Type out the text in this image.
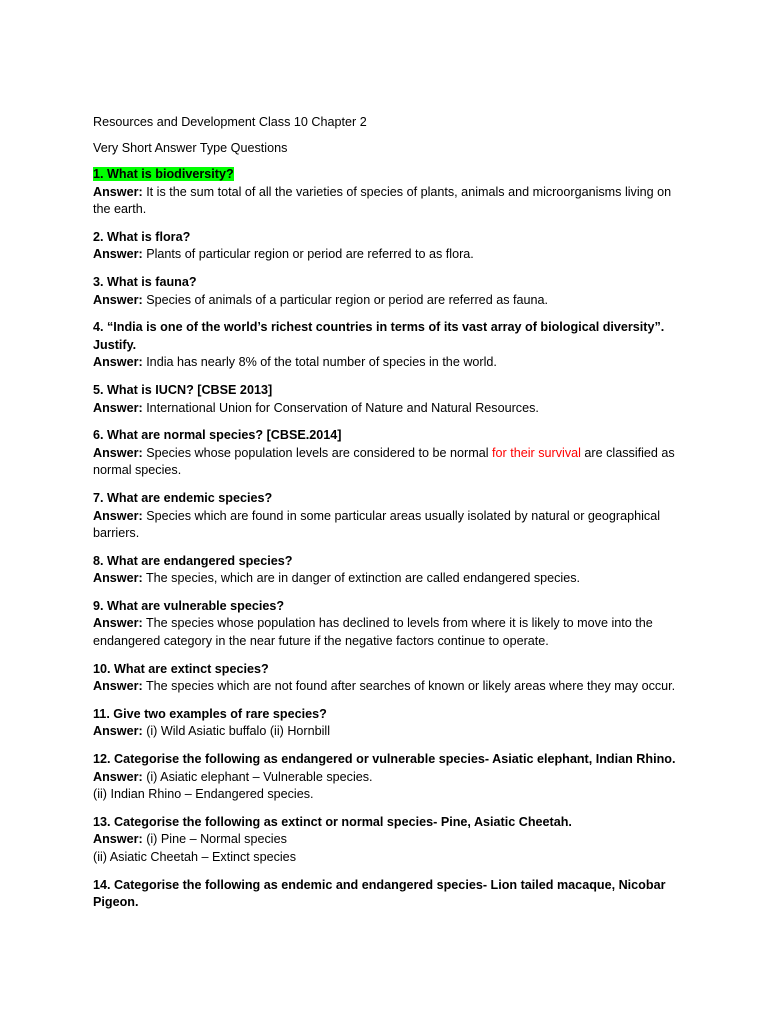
Resources and Development Class 10 Chapter 2
Very Short Answer Type Questions
1. What is biodiversity?
Answer: It is the sum total of all the varieties of species of plants, animals and microorganisms living on the earth.
2. What is flora?
Answer: Plants of particular region or period are referred to as flora.
3. What is fauna?
Answer: Species of animals of a particular region or period are referred as fauna.
4. “India is one of the world’s richest countries in terms of its vast array of biological diversity”. Justify.
Answer: India has nearly 8% of the total number of species in the world.
5. What is IUCN? [CBSE 2013]
Answer: International Union for Conservation of Nature and Natural Resources.
6. What are normal species? [CBSE.2014]
Answer: Species whose population levels are considered to be normal for their survival are classified as normal species.
7. What are endemic species?
Answer: Species which are found in some particular areas usually isolated by natural or geographical barriers.
8. What are endangered species?
Answer: The species, which are in danger of extinction are called endangered species.
9. What are vulnerable species?
Answer: The species whose population has declined to levels from where it is likely to move into the endangered category in the near future if the negative factors continue to operate.
10. What are extinct species?
Answer: The species which are not found after searches of known or likely areas where they may occur.
11. Give two examples of rare species?
Answer: (i) Wild Asiatic buffalo (ii) Hornbill
12. Categorise the following as endangered or vulnerable species- Asiatic elephant, Indian Rhino.
Answer: (i) Asiatic elephant – Vulnerable species.
(ii) Indian Rhino – Endangered species.
13. Categorise the following as extinct or normal species- Pine, Asiatic Cheetah.
Answer: (i) Pine – Normal species
(ii) Asiatic Cheetah – Extinct species
14. Categorise the following as endemic and endangered species- Lion tailed macaque, Nicobar Pigeon.
